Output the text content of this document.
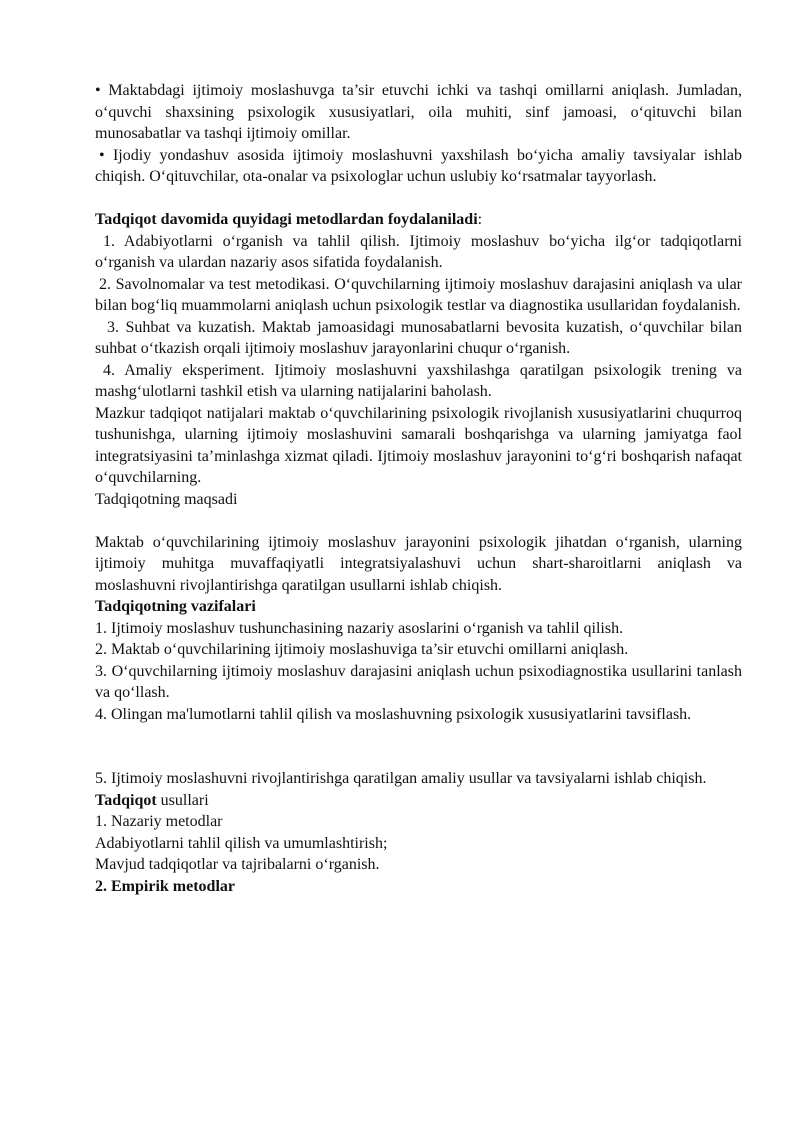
• Maktabdagi ijtimoiy moslashuvga ta’sir etuvchi ichki va tashqi omillarni aniqlash. Jumladan, o‘quvchi shaxsining psixologik xususiyatlari, oila muhiti, sinf jamoasi, o‘qituvchi bilan munosabatlar va tashqi ijtimoiy omillar.

• Ijodiy yondashuv asosida ijtimoiy moslashuvni yaxshilash bo‘yicha amaliy tavsiyalar ishlab chiqish. O‘qituvchilar, ota-onalar va psixologlar uchun uslubiy ko‘rsatmalar tayyorlash.

Tadqiqot davomida quyidagi metodlardan foydalaniladi:

1. Adabiyotlarni o‘rganish va tahlil qilish. Ijtimoiy moslashuv bo‘yicha ilg‘or tadqiqotlarni o‘rganish va ulardan nazariy asos sifatida foydalanish.

2. Savolnomalar va test metodikasi. O‘quvchilarning ijtimoiy moslashuv darajasini aniqlash va ular bilan bog‘liq muammolarni aniqlash uchun psixologik testlar va diagnostika usullaridan foydalanish.

3. Suhbat va kuzatish. Maktab jamoasidagi munosabatlarni bevosita kuzatish, o‘quvchilar bilan suhbat o‘tkazish orqali ijtimoiy moslashuv jarayonlarini chuqur o‘rganish.

4. Amaliy eksperiment. Ijtimoiy moslashuvni yaxshilashga qaratilgan psixologik trening va mashg‘ulotlarni tashkil etish va ularning natijalarini baholash.

Mazkur tadqiqot natijalari maktab o‘quvchilarining psixologik rivojlanish xususiyatlarini chuqurroq tushunishga, ularning ijtimoiy moslashuvini samarali boshqarishga va ularning jamiyatga faol integratsiyasini ta’minlashga xizmat qiladi. Ijtimoiy moslashuv jarayonini to‘g‘ri boshqarish nafaqat o‘quvchilarning.

Tadqiqotning maqsadi

Maktab o‘quvchilarining ijtimoiy moslashuv jarayonini psixologik jihatdan o‘rganish, ularning ijtimoiy muhitga muvaffaqiyatli integratsiyalashuvi uchun shart-sharoitlarni aniqlash va moslashuvni rivojlantirishga qaratilgan usullarni ishlab chiqish.

Tadqiqotning vazifalari

1. Ijtimoiy moslashuv tushunchasining nazariy asoslarini o‘rganish va tahlil qilish.

2. Maktab o‘quvchilarining ijtimoiy moslashuviga ta’sir etuvchi omillarni aniqlash.

3. O‘quvchilarning ijtimoiy moslashuv darajasini aniqlash uchun psixodiagnostika usullarini tanlash va qo‘llash.

4. Olingan ma'lumotlarni tahlil qilish va moslashuvning psixologik xususiyatlarini tavsiflash.

5. Ijtimoiy moslashuvni rivojlantirishga qaratilgan amaliy usullar va tavsiyalarni ishlab chiqish.

Tadqiqot usullari

1. Nazariy metodlar

Adabiyotlarni tahlil qilish va umumlashtirish;

Mavjud tadqiqotlar va tajribalarni o‘rganish.

2. Empirik metodlar
